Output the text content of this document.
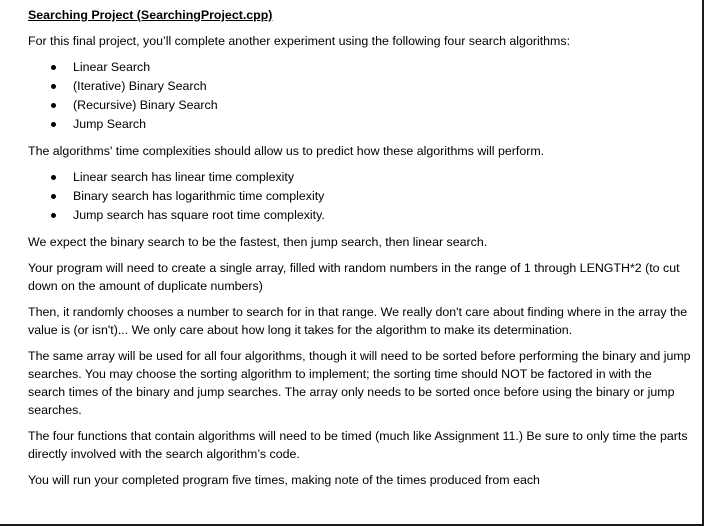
Searching Project (SearchingProject.cpp)

For this final project, you’ll complete another experiment using the following four search algorithms:

Linear Search
(Iterative) Binary Search
(Recursive) Binary Search
Jump Search

The algorithms' time complexities should allow us to predict how these algorithms will perform.

Linear search has linear time complexity
Binary search has logarithmic time complexity
Jump search has square root time complexity.

We expect the binary search to be the fastest, then jump search, then linear search.

Your program will need to create a single array, filled with random numbers in the range of 1 through LENGTH*2 (to cut down on the amount of duplicate numbers)

Then, it randomly chooses a number to search for in that range. We really don't care about finding where in the array the value is (or isn't)... We only care about how long it takes for the algorithm to make its determination.

The same array will be used for all four algorithms, though it will need to be sorted before performing the binary and jump searches. You may choose the sorting algorithm to implement; the sorting time should NOT be factored in with the search times of the binary and jump searches. The array only needs to be sorted once before using the binary or jump searches.

The four functions that contain algorithms will need to be timed (much like Assignment 11.) Be sure to only time the parts directly involved with the search algorithm’s code.

You will run your completed program five times, making note of the times produced from each
